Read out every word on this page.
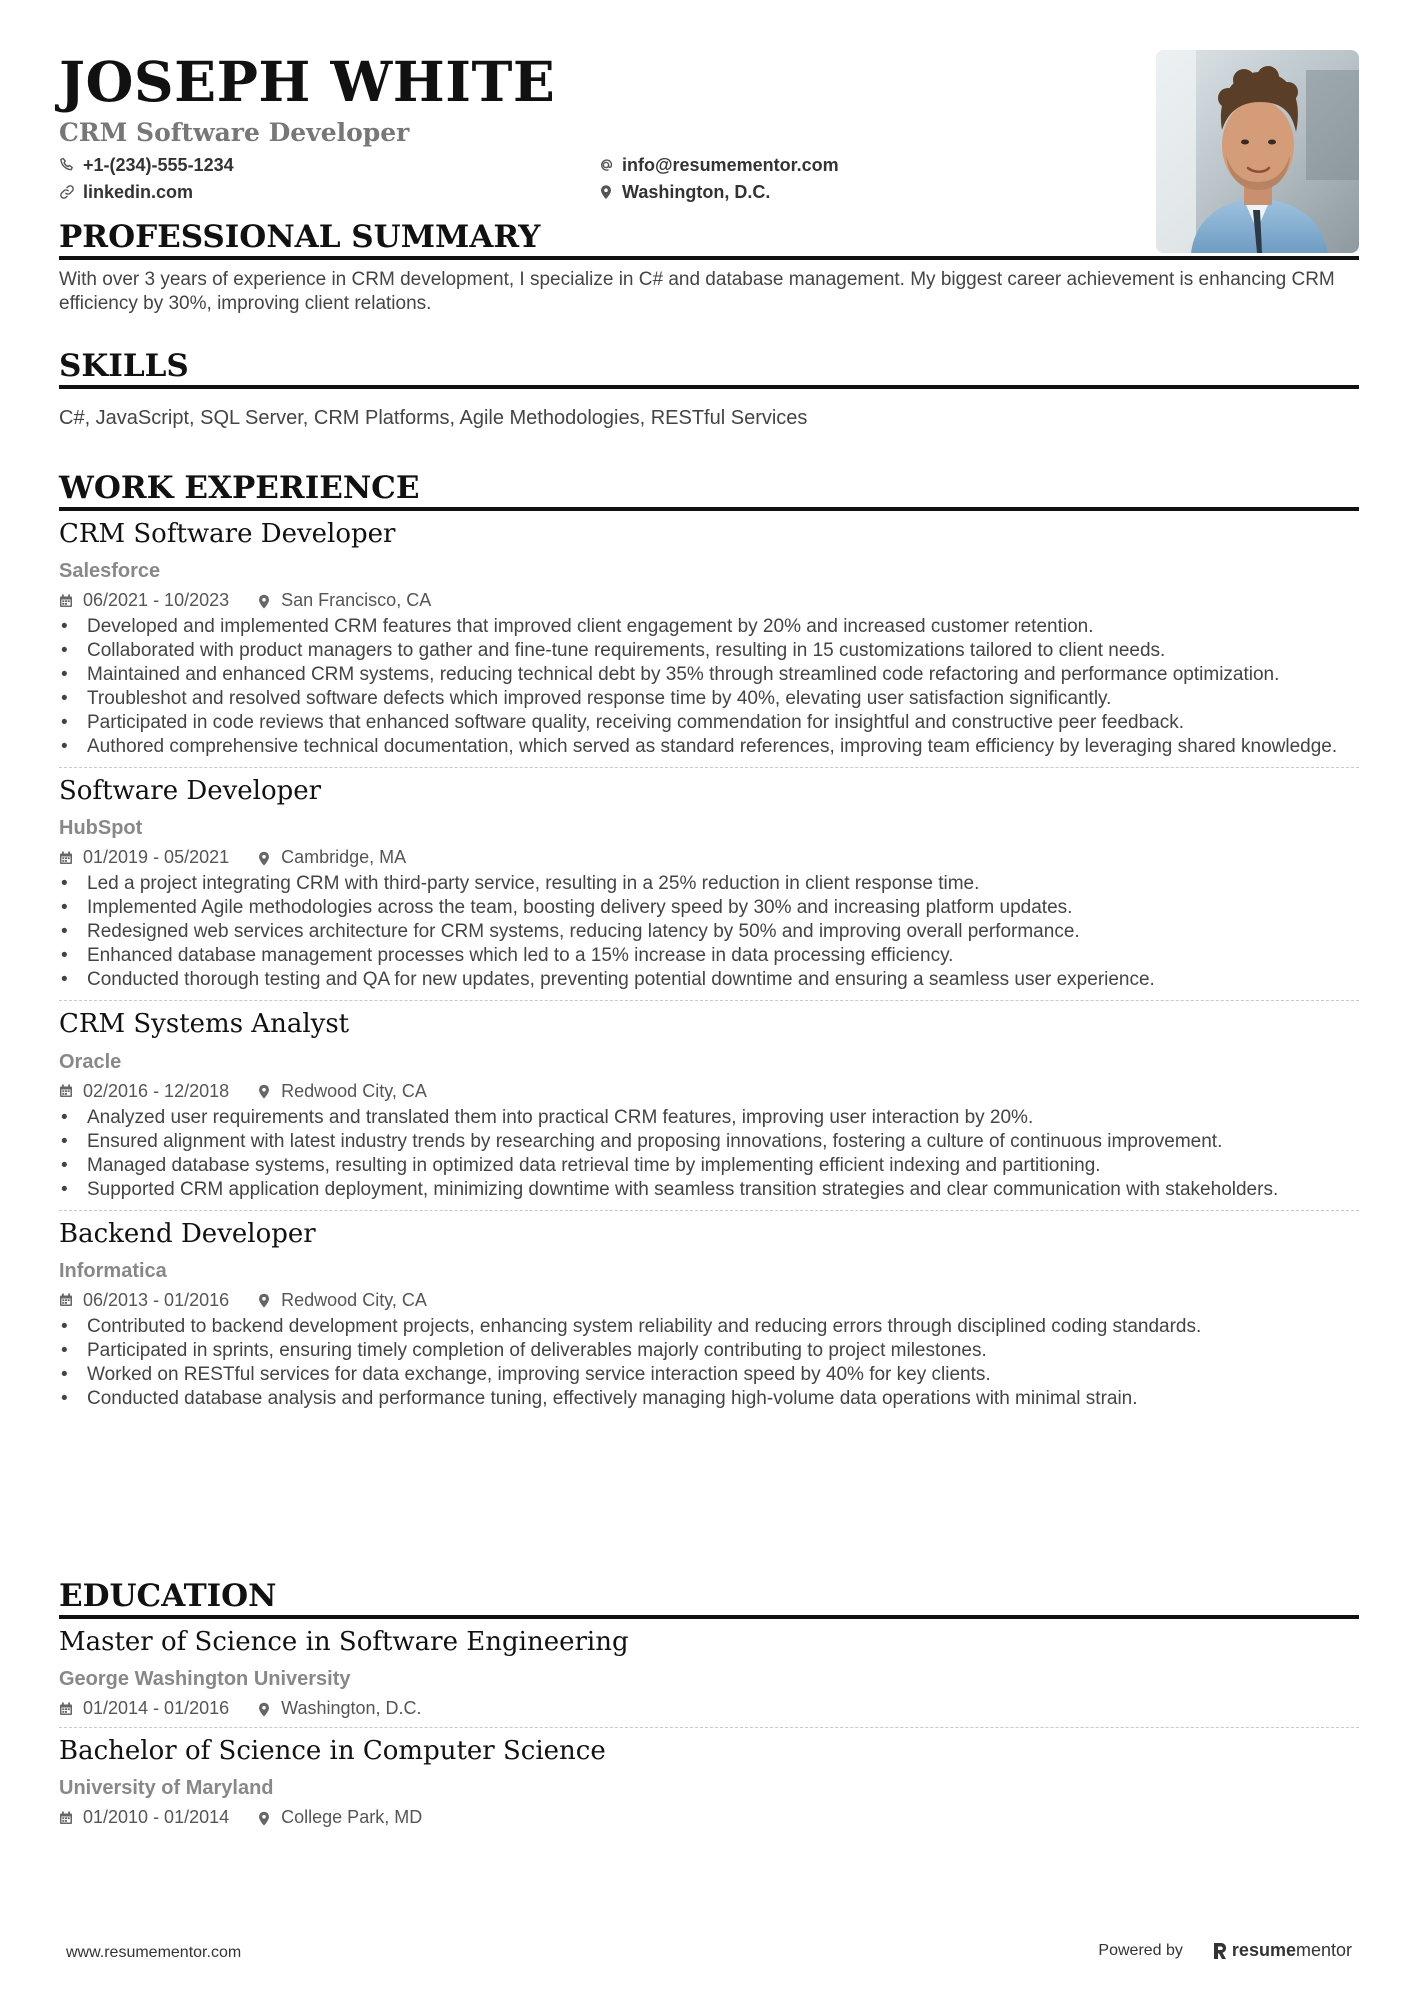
JOSEPH WHITE
CRM Software Developer
+1-(234)-555-1234	info@resumementor.com
linkedin.com	Washington, D.C.
PROFESSIONAL SUMMARY
With over 3 years of experience in CRM development, I specialize in C# and database management. My biggest career achievement is enhancing CRM efficiency by 30%, improving client relations.
SKILLS
C#, JavaScript, SQL Server, CRM Platforms, Agile Methodologies, RESTful Services
WORK EXPERIENCE
CRM Software Developer
Salesforce
06/2021 - 10/2023	San Francisco, CA
• Developed and implemented CRM features that improved client engagement by 20% and increased customer retention.
• Collaborated with product managers to gather and fine-tune requirements, resulting in 15 customizations tailored to client needs.
• Maintained and enhanced CRM systems, reducing technical debt by 35% through streamlined code refactoring and performance optimization.
• Troubleshot and resolved software defects which improved response time by 40%, elevating user satisfaction significantly.
• Participated in code reviews that enhanced software quality, receiving commendation for insightful and constructive peer feedback.
• Authored comprehensive technical documentation, which served as standard references, improving team efficiency by leveraging shared knowledge.
Software Developer
HubSpot
01/2019 - 05/2021	Cambridge, MA
• Led a project integrating CRM with third-party service, resulting in a 25% reduction in client response time.
• Implemented Agile methodologies across the team, boosting delivery speed by 30% and increasing platform updates.
• Redesigned web services architecture for CRM systems, reducing latency by 50% and improving overall performance.
• Enhanced database management processes which led to a 15% increase in data processing efficiency.
• Conducted thorough testing and QA for new updates, preventing potential downtime and ensuring a seamless user experience.
CRM Systems Analyst
Oracle
02/2016 - 12/2018	Redwood City, CA
• Analyzed user requirements and translated them into practical CRM features, improving user interaction by 20%.
• Ensured alignment with latest industry trends by researching and proposing innovations, fostering a culture of continuous improvement.
• Managed database systems, resulting in optimized data retrieval time by implementing efficient indexing and partitioning.
• Supported CRM application deployment, minimizing downtime with seamless transition strategies and clear communication with stakeholders.
Backend Developer
Informatica
06/2013 - 01/2016	Redwood City, CA
• Contributed to backend development projects, enhancing system reliability and reducing errors through disciplined coding standards.
• Participated in sprints, ensuring timely completion of deliverables majorly contributing to project milestones.
• Worked on RESTful services for data exchange, improving service interaction speed by 40% for key clients.
• Conducted database analysis and performance tuning, effectively managing high-volume data operations with minimal strain.
EDUCATION
Master of Science in Software Engineering
George Washington University
01/2014 - 01/2016	Washington, D.C.
Bachelor of Science in Computer Science
University of Maryland
01/2010 - 01/2014	College Park, MD
www.resumementor.com	Powered by	resume mentor
